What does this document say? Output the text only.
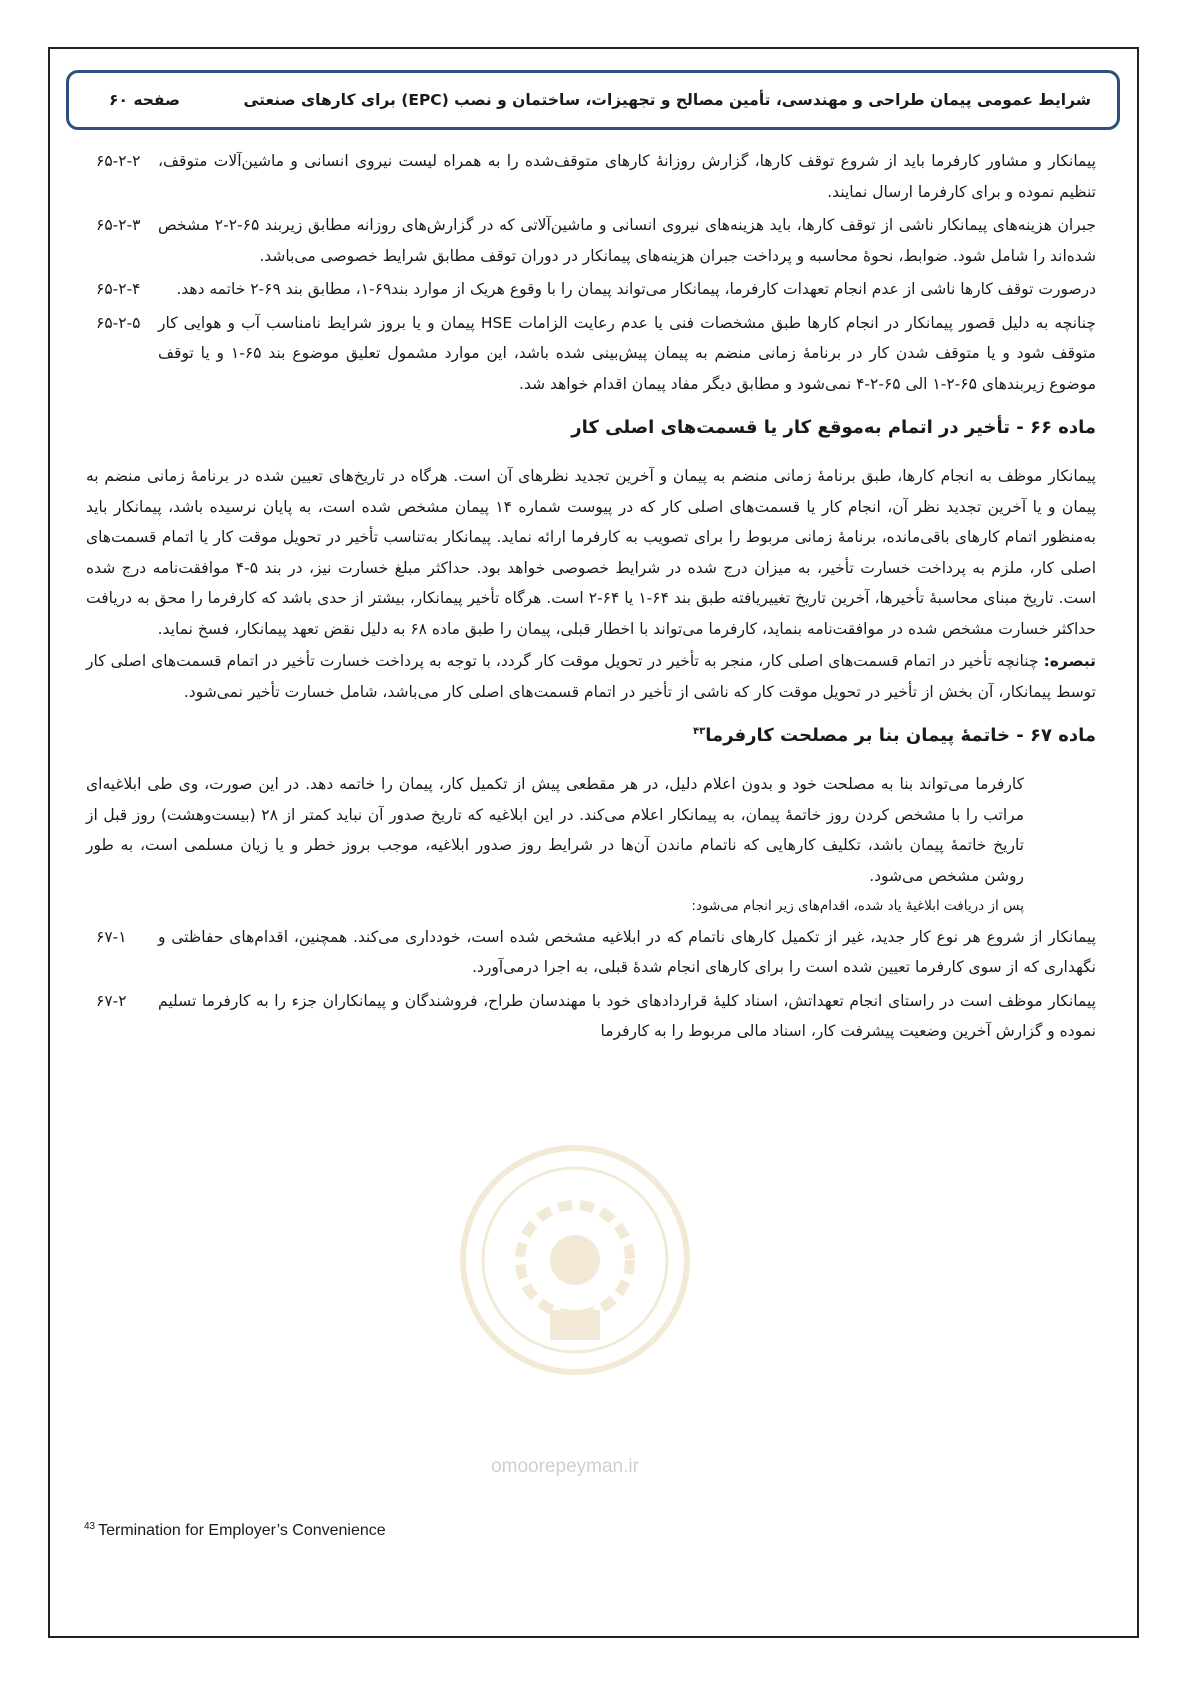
شرایط عمومی پیمان طراحی و مهندسی، تأمین مصالح و تجهیزات، ساختمان و نصب (EPC) برای کارهای صنعتی
صفحه ۶۰

پیمانکار و مشاور کارفرما باید از شروع توقف کارها، گزارش روزانهٔ کارهای متوقف‌شده را به همراه لیست نیروی انسانی و ماشین‌آلات متوقف، تنظیم نموده و برای کارفرما ارسال نمایند.

۶۵-۲-۲

جبران هزینه‌های پیمانکار ناشی از توقف کارها، باید هزینه‌های نیروی انسانی و ماشین‌آلاتی که در گزارش‌های روزانه مطابق زیربند ۶۵-۲-۲ مشخص شده‌اند را شامل شود. ضوابط، نحوهٔ محاسبه و پرداخت جبران هزینه‌های پیمانکار در دوران توقف مطابق شرایط خصوصی می‌باشد.

۶۵-۲-۳

درصورت توقف کارها ناشی از عدم انجام تعهدات کارفرما، پیمانکار می‌تواند پیمان را با وقوع هریک از موارد بند۶۹-۱، مطابق بند ۶۹-۲ خاتمه دهد.

۶۵-۲-۴

چنانچه به دلیل قصور پیمانکار در انجام کارها طبق مشخصات فنی یا عدم رعایت الزامات HSE پیمان و یا بروز شرایط نامناسب آب و هوایی کار متوقف شود و یا متوقف شدن کار در برنامهٔ زمانی منضم به پیمان پیش‌بینی شده باشد، این موارد مشمول تعلیق موضوع بند ۶۵-۱ و یا توقف موضوع زیربندهای ۶۵-۲-۱ الی ۶۵-۲-۴ نمی‌شود و مطابق دیگر مفاد پیمان اقدام خواهد شد.

۶۵-۲-۵
ماده ۶۶ - تأخیر در اتمام به‌موقع کار یا قسمت‌های اصلی کار

پیمانکار موظف به انجام کارها، طبق برنامهٔ زمانی منضم به پیمان و آخرین تجدید نظرهای آن است. هرگاه در تاریخ‌های تعیین شده در برنامهٔ زمانی منضم به پیمان و یا آخرین تجدید نظر آن، انجام کار یا قسمت‌های اصلی کار که در پیوست شماره ۱۴ پیمان مشخص شده است، به پایان نرسیده باشد، پیمانکار باید به‌منظور اتمام کارهای باقی‌مانده، برنامهٔ زمانی مربوط را برای تصویب به کارفرما ارائه نماید. پیمانکار به‌تناسب تأخیر در تحویل موقت کار یا اتمام قسمت‌های اصلی کار، ملزم به پرداخت خسارت تأخیر، به میزان درج شده در شرایط خصوصی خواهد بود. حداکثر مبلغ خسارت نیز، در بند ۵-۴ موافقت‌نامه درج شده است. تاریخ مبنای محاسبهٔ تأخیرها، آخرین تاریخ تغییریافته طبق بند ۶۴-۱ یا ۶۴-۲ است. هرگاه تأخیر پیمانکار، بیشتر از حدی باشد که کارفرما را محق به دریافت حداکثر خسارت مشخص شده در موافقت‌نامه بنماید، کارفرما می‌تواند با اخطار قبلی، پیمان را طبق ماده ۶۸ به دلیل نقض تعهد پیمانکار، فسخ نماید.

تبصره: چنانچه تأخیر در اتمام قسمت‌های اصلی کار، منجر به تأخیر در تحویل موقت کار گردد، با توجه به پرداخت خسارت تأخیر در اتمام قسمت‌های اصلی کار توسط پیمانکار، آن بخش از تأخیر در تحویل موقت کار که ناشی از تأخیر در اتمام قسمت‌های اصلی کار می‌باشد، شامل خسارت تأخیر نمی‌شود.

ماده ۶۷ - خاتمهٔ پیمان بنا بر مصلحت کارفرما$^{۴۳}$

کارفرما می‌تواند بنا به مصلحت خود و بدون اعلام دلیل، در هر مقطعی پیش از تکمیل کار، پیمان را خاتمه دهد. در این صورت، وی طی ابلاغیه‌ای مراتب را با مشخص کردن روز خاتمهٔ پیمان، به پیمانکار اعلام می‌کند. در این ابلاغیه که تاریخ صدور آن نباید کمتر از ۲۸ (بیست‌وهشت) روز قبل از تاریخ خاتمهٔ پیمان باشد، تکلیف کارهایی که ناتمام ماندن آن‌ها در شرایط روز صدور ابلاغیه، موجب بروز خطر و یا زیان مسلمی است، به طور روشن مشخص می‌شود.

پس از دریافت ابلاغیهٔ یاد شده، اقدام‌های زیر انجام می‌شود:

پیمانکار از شروع هر نوع کار جدید، غیر از تکمیل کارهای ناتمام که در ابلاغیه مشخص شده است، خودداری می‌کند. همچنین، اقدام‌های حفاظتی و نگهداری که از سوی کارفرما تعیین شده است را برای کارهای انجام شدهٔ قبلی، به اجرا درمی‌آورد.

۶۷-۱

پیمانکار موظف است در راستای انجام تعهداتش، اسناد کلیهٔ قراردادهای خود با مهندسان طراح، فروشندگان و پیمانکاران جزء را به کارفرما تسلیم نموده و گزارش آخرین وضعیت پیشرفت کار، اسناد مالی مربوط را به کارفرما

۶۷-۲
omoorepeyman.ir
$^{43}$ Termination for Employer’s Convenience
